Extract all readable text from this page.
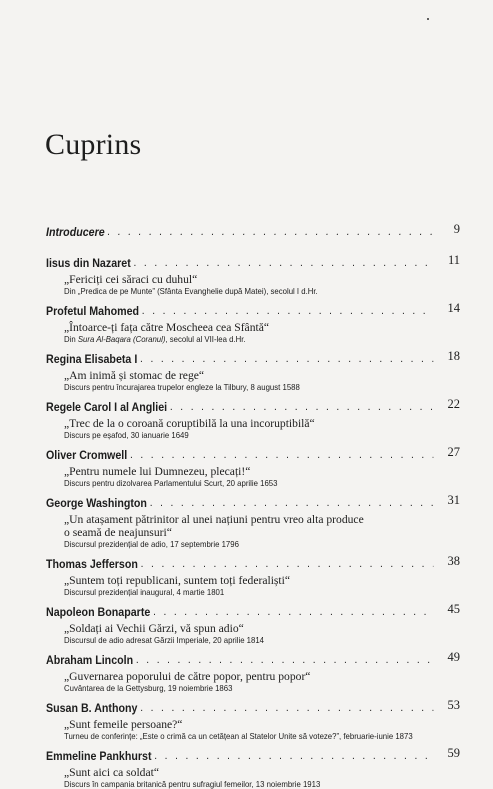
Cuprins
Introducere . . .	9
Iisus din Nazaret . . .	11
„Fericiți cei săraci cu duhul“
Din „Predica de pe Munte” (Sfânta Evanghelie după Matei), secolul I d.Hr.
Profetul Mahomed . . .	14
„Întoarce-ți fața către Moscheea cea Sfântă“
Din Sura Al-Baqara (Coranul), secolul al VII-lea d.Hr.
Regina Elisabeta I . . .	18
„Am inimă și stomac de rege“
Discurs pentru încurajarea trupelor engleze la Tilbury, 8 august 1588
Regele Carol I al Angliei . . .	22
„Trec de la o coroană coruptibilă la una incoruptibilă“
Discurs pe eșafod, 30 ianuarie 1649
Oliver Cromwell . . .	27
„Pentru numele lui Dumnezeu, plecați!“
Discurs pentru dizolvarea Parlamentului Scurt, 20 aprilie 1653
George Washington . . .	31
„Un atașament pătrinitor al unei națiuni pentru vreo alta produce
o seamă de neajunsuri“
Discursul prezidențial de adio, 17 septembrie 1796
Thomas Jefferson . . .	38
„Suntem toți republicani, suntem toți federaliști“
Discursul prezidențial inaugural, 4 martie 1801
Napoleon Bonaparte . . .	45
„Soldați ai Vechii Gărzi, vă spun adio“
Discursul de adio adresat Gărzii Imperiale, 20 aprilie 1814
Abraham Lincoln . . .	49
„Guvernarea poporului de către popor, pentru popor“
Cuvântarea de la Gettysburg, 19 noiembrie 1863
Susan B. Anthony . . .	53
„Sunt femeile persoane?“
Turneu de conferințe: „Este o crimă ca un cetățean al Statelor Unite să voteze?”, februarie-iunie 1873
Emmeline Pankhurst . . .	59
„Sunt aici ca soldat“
Discurs în campania britanică pentru sufragiul femeilor, 13 noiembrie 1913
